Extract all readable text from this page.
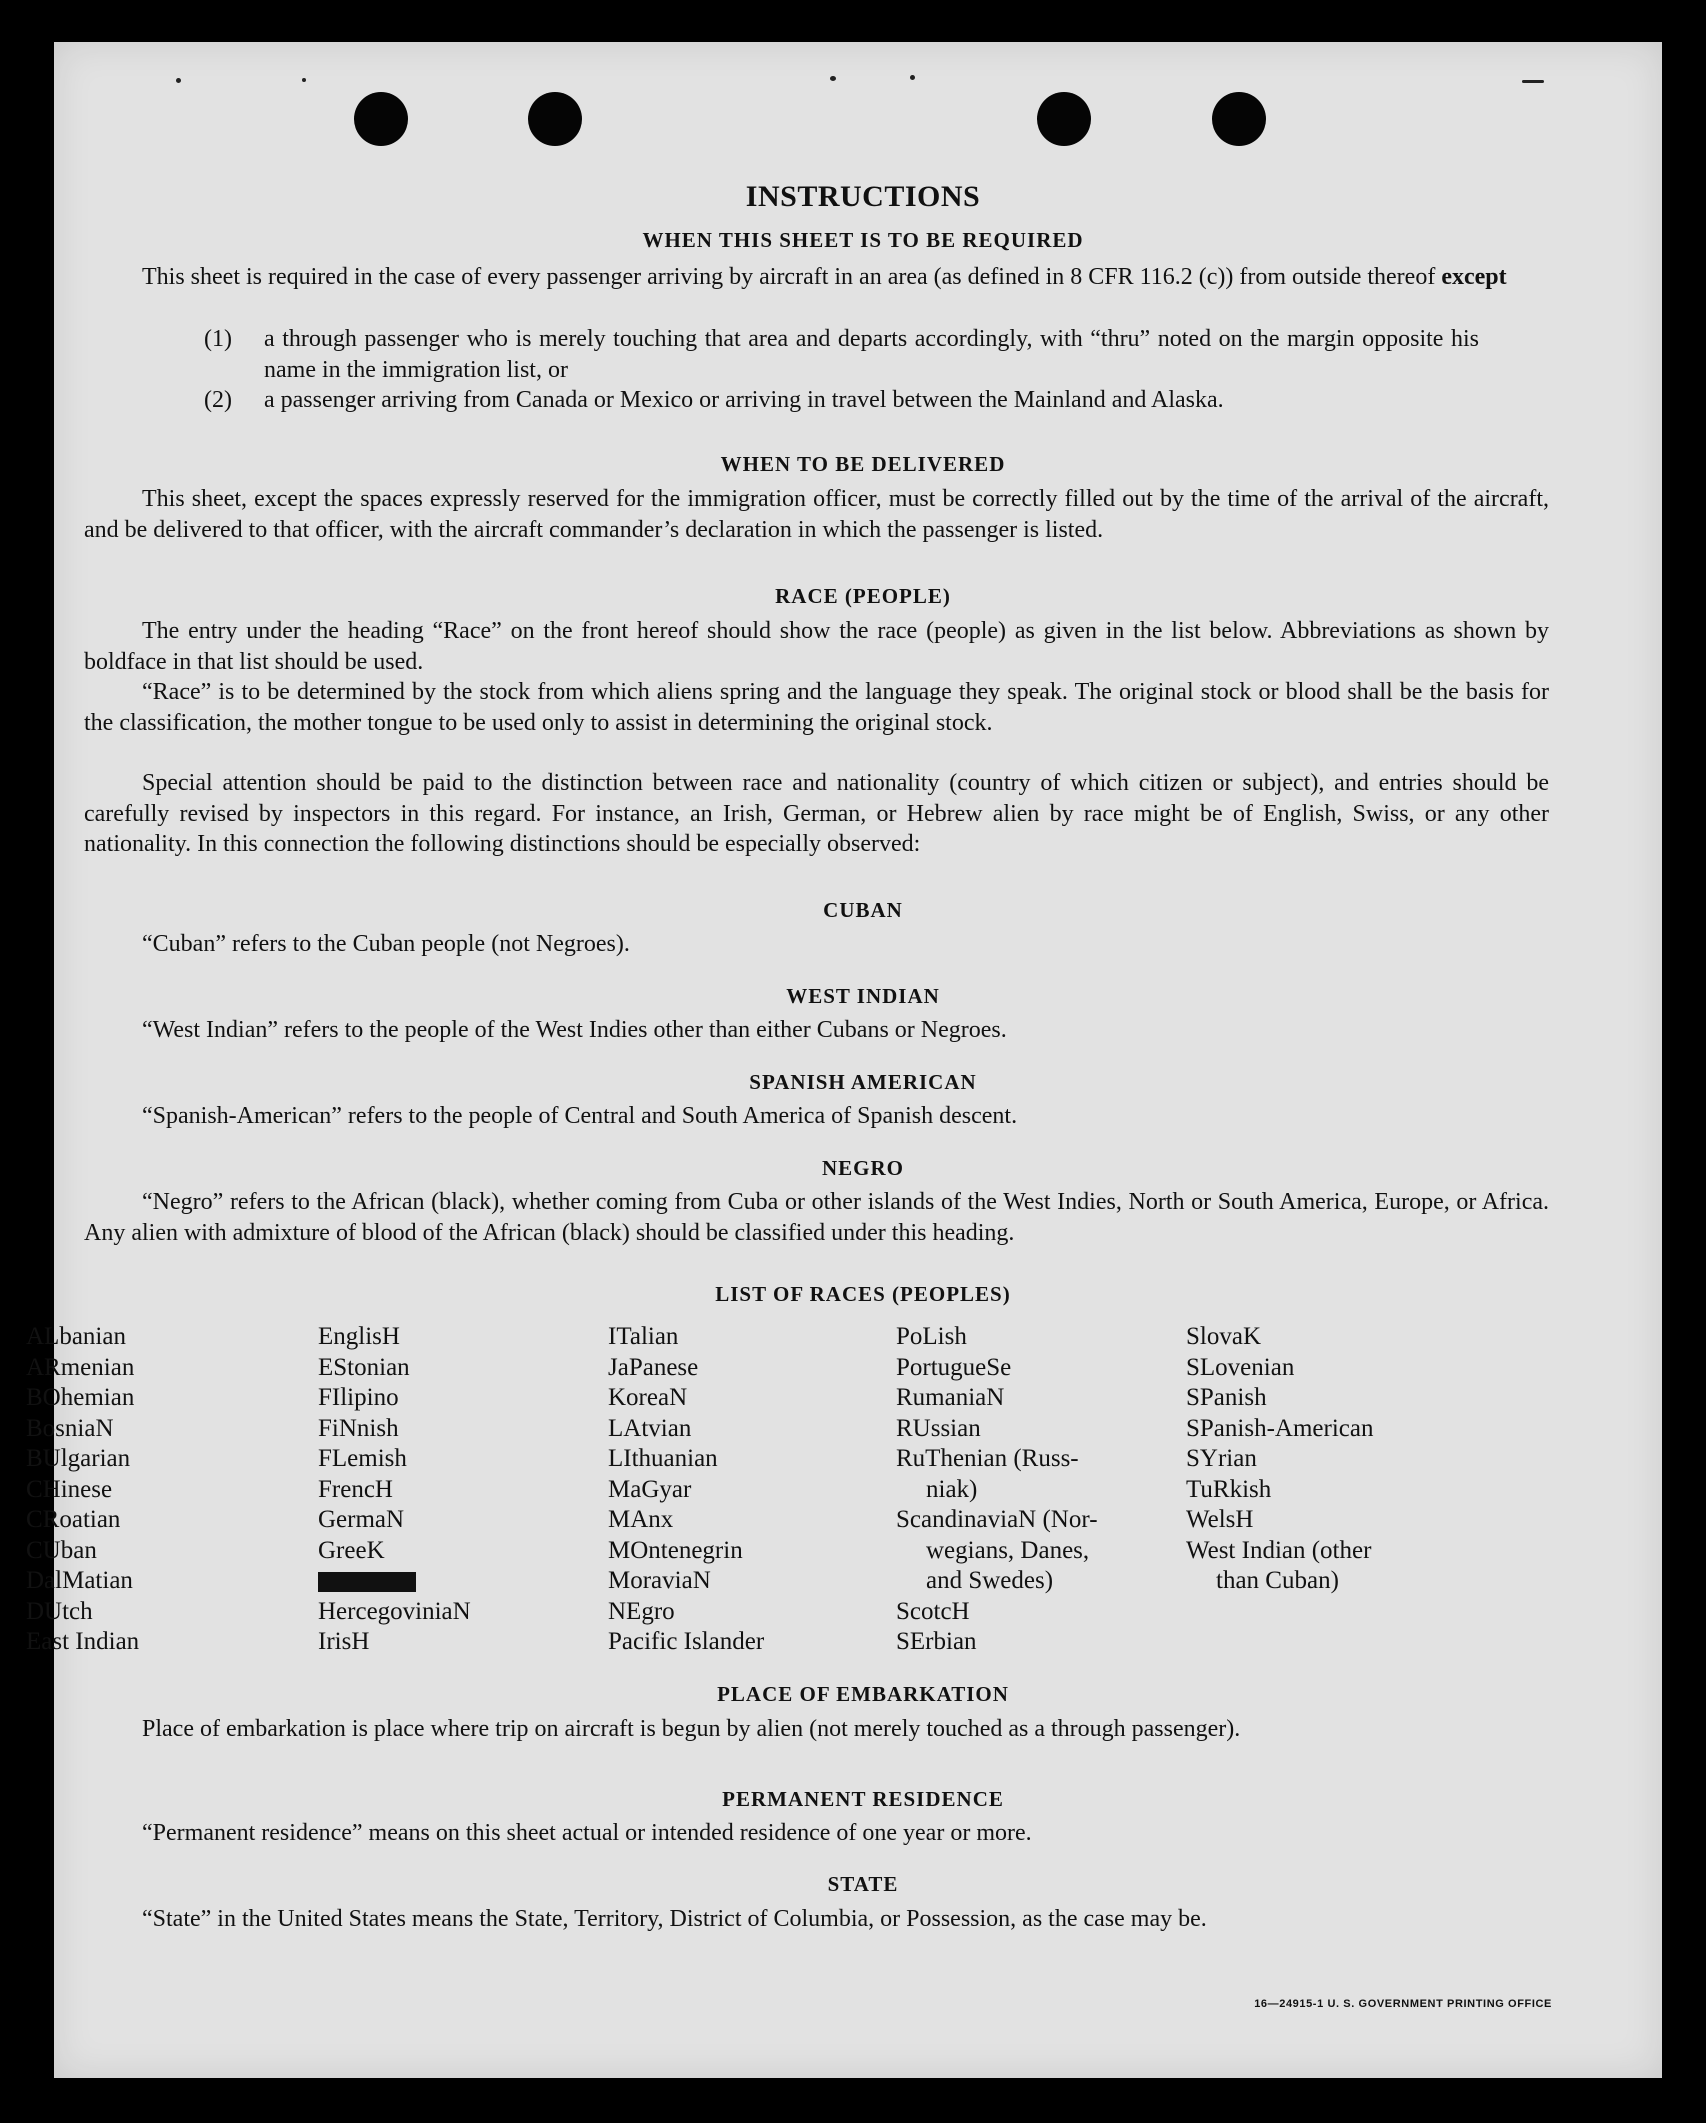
INSTRUCTIONS
WHEN THIS SHEET IS TO BE REQUIRED
This sheet is required in the case of every passenger arriving by aircraft in an area (as defined in 8 CFR 116.2 (c)) from outside thereof except
(1)	a through passenger who is merely touching that area and departs accordingly, with “thru” noted on the margin opposite his name in the immigration list, or
(2)	a passenger arriving from Canada or Mexico or arriving in travel between the Mainland and Alaska.
WHEN TO BE DELIVERED
This sheet, except the spaces expressly reserved for the immigration officer, must be correctly filled out by the time of the arrival of the aircraft, and be delivered to that officer, with the aircraft commander’s declaration in which the passenger is listed.
RACE (PEOPLE)
The entry under the heading “Race” on the front hereof should show the race (people) as given in the list below. Abbreviations as shown by boldface in that list should be used.
“Race” is to be determined by the stock from which aliens spring and the language they speak. The original stock or blood shall be the basis for the classification, the mother tongue to be used only to assist in determining the original stock.
Special attention should be paid to the distinction between race and nationality (country of which citizen or subject), and entries should be carefully revised by inspectors in this regard. For instance, an Irish, German, or Hebrew alien by race might be of English, Swiss, or any other nationality. In this connection the following distinctions should be especially observed:
CUBAN
“Cuban” refers to the Cuban people (not Negroes).
WEST INDIAN
“West Indian” refers to the people of the West Indies other than either Cubans or Negroes.
SPANISH AMERICAN
“Spanish-American” refers to the people of Central and South America of Spanish descent.
NEGRO
“Negro” refers to the African (black), whether coming from Cuba or other islands of the West Indies, North or South America, Europe, or Africa. Any alien with admixture of blood of the African (black) should be classified under this heading.
LIST OF RACES (PEOPLES)
ALbanian
ARmenian
BOhemian
BosniaN
BUlgarian
CHinese
CRoatian
CUban
DalMatian
DUtch
East Indian
EnglisH
EStonian
FIlipino
FiNnish
FLemish
FrencH
GermaN
GreeK
HercegoviniaN
IrisH
ITalian
JaPanese
KoreaN
LAtvian
LIthuanian
MaGyar
MAnx
MOntenegrin
MoraviaN
NEgro
Pacific Islander
PoLish
PortugueSe
RumaniaN
RUssian
RuThenian (Russ-
niak)
ScandinaviaN (Nor-
wegians, Danes,
and Swedes)
ScotcH
SErbian
SlovaK
SLovenian
SPanish
SPanish-American
SYrian
TuRkish
WelsH
West Indian (other
than Cuban)
PLACE OF EMBARKATION
Place of embarkation is place where trip on aircraft is begun by alien (not merely touched as a through passenger).
PERMANENT RESIDENCE
“Permanent residence” means on this sheet actual or intended residence of one year or more.
STATE
“State” in the United States means the State, Territory, District of Columbia, or Possession, as the case may be.
16—24915-1 U. S. GOVERNMENT PRINTING OFFICE
